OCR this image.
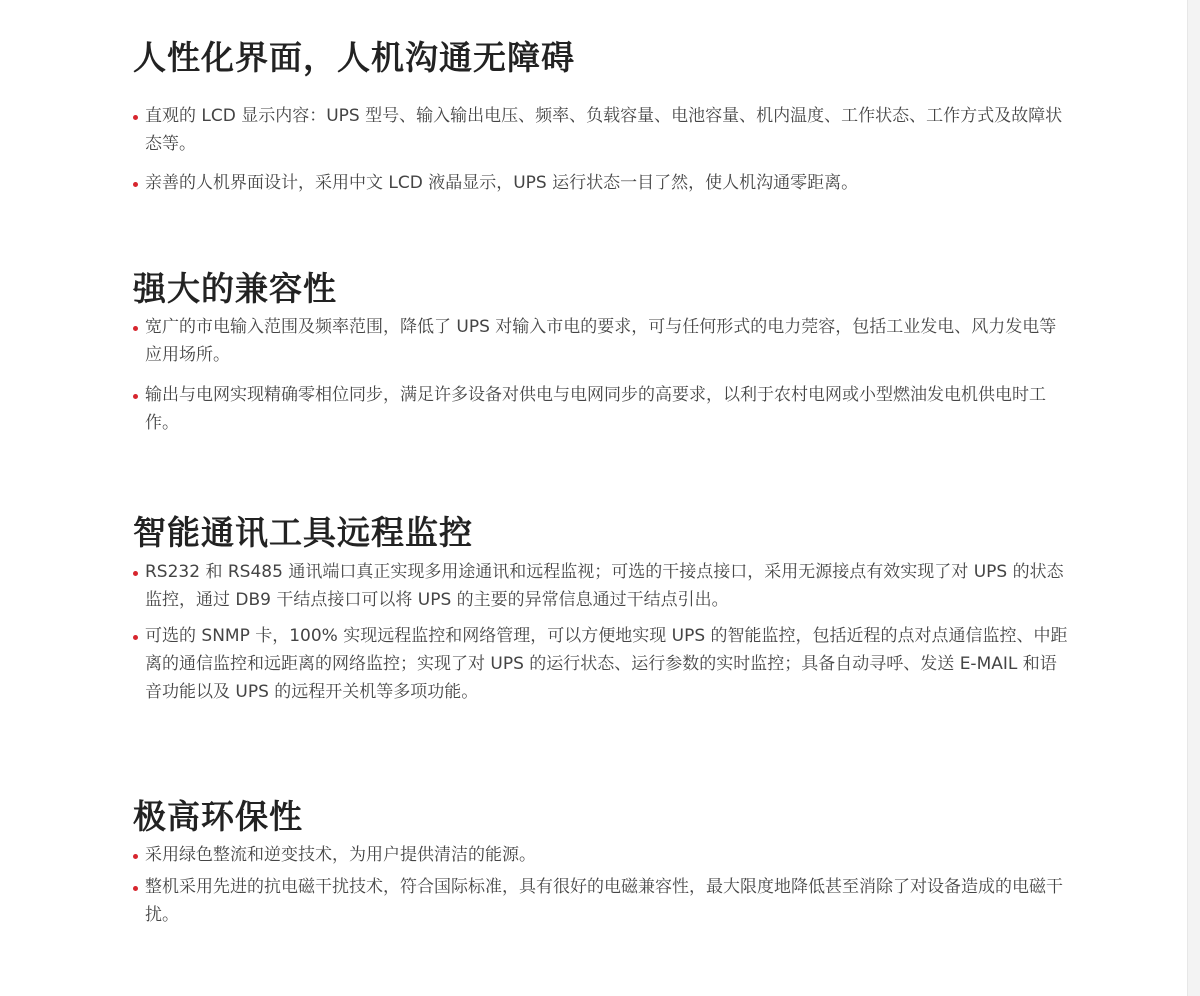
人性化界面，人机沟通无障碍
直观的 LCD 显示内容：UPS 型号、输入输出电压、频率、负载容量、电池容量、机内温度、工作状态、工作方式及故障状态等。
亲善的人机界面设计，采用中文 LCD 液晶显示，UPS 运行状态一目了然，使人机沟通零距离。
强大的兼容性
宽广的市电输入范围及频率范围，降低了 UPS 对输入市电的要求，可与任何形式的电力莞容，包括工业发电、风力发电等应用场所。
输出与电网实现精确零相位同步，满足许多设备对供电与电网同步的高要求，以利于农村电网或小型燃油发电机供电时工作。
智能通讯工具远程监控
RS232 和 RS485 通讯端口真正实现多用途通讯和远程监视；可选的干接点接口，采用无源接点有效实现了对 UPS 的状态监控，通过 DB9 干结点接口可以将 UPS 的主要的异常信息通过干结点引出。
可选的 SNMP 卡，100% 实现远程监控和网络管理，可以方便地实现 UPS 的智能监控，包括近程的点对点通信监控、中距离的通信监控和远距离的网络监控；实现了对 UPS 的运行状态、运行参数的实时监控；具备自动寻呼、发送 E-MAIL 和语音功能以及 UPS 的远程开关机等多项功能。
极高环保性
采用绿色整流和逆变技术，为用户提供清洁的能源。
整机采用先进的抗电磁干扰技术，符合国际标准，具有很好的电磁兼容性，最大限度地降低甚至消除了对设备造成的电磁干扰。
